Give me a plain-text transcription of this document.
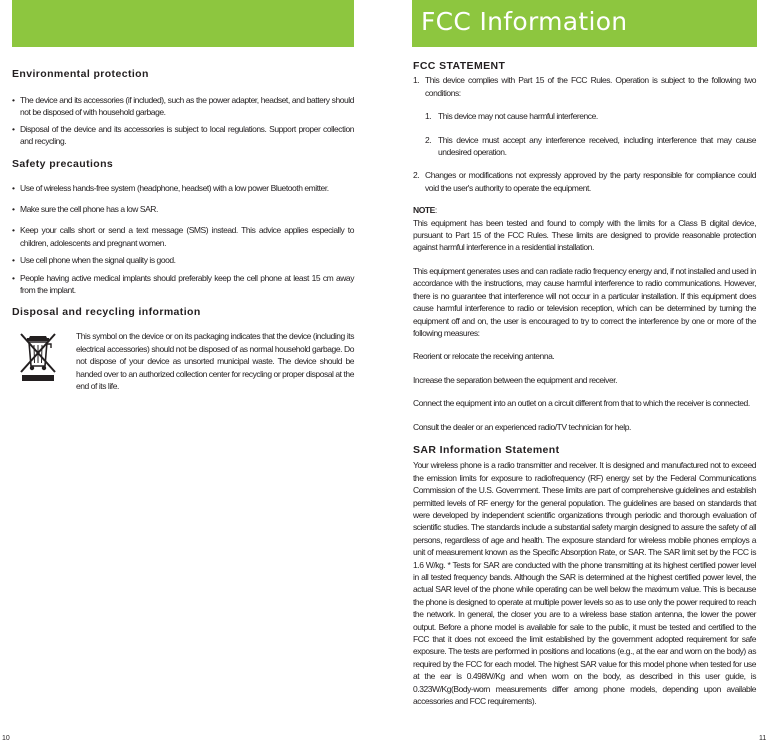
Environmental protection
• The device and its accessories (if included), such as the power adapter, headset, and battery should not be disposed of with household garbage.
• Disposal of the device and its accessories is subject to local regulations. Support proper collection and recycling.
Safety precautions
• Use of wireless hands-free system (headphone, headset) with a low power Bluetooth emitter.
• Make sure the cell phone has a low SAR.
• Keep your calls short or send a text message (SMS) instead. This advice applies especially to children, adolescents and pregnant women.
• Use cell phone when the signal quality is good.
• People having active medical implants should preferably keep the cell phone at least 15 cm away from the implant.
Disposal and recycling information
This symbol on the device or on its packaging indicates that the device (including its electrical accessories) should not be disposed of as normal household garbage. Do not dispose of your device as unsorted municipal waste. The device should be handed over to an authorized collection center for recycling or proper disposal at the end of its life.
10
FCC Information
FCC STATEMENT
1. This device complies with Part 15 of the FCC Rules. Operation is subject to the following two conditions:
1. This device may not cause harmful interference.
2. This device must accept any interference received, including interference that may cause undesired operation.
2. Changes or modifications not expressly approved by the party responsible for compliance could void the user's authority to operate the equipment.
NOTE:

This equipment has been tested and found to comply with the limits for a Class B digital device, pursuant to Part 15 of the FCC Rules. These limits are designed to provide reasonable protection against harmful interference in a residential installation.

This equipment generates uses and can radiate radio frequency energy and, if not installed and used in accordance with the instructions, may cause harmful interference to radio communications. However, there is no guarantee that interference will not occur in a particular installation. If this equipment does cause harmful interference to radio or television reception, which can be determined by turning the equipment off and on, the user is encouraged to try to correct the interference by one or more of the following measures:

Reorient or relocate the receiving antenna.

Increase the separation between the equipment and receiver.

Connect the equipment into an outlet on a circuit different from that to which the receiver is connected.

Consult the dealer or an experienced radio/TV technician for help.

SAR Information Statement

Your wireless phone is a radio transmitter and receiver. It is designed and manufactured not to exceed the emission limits for exposure to radiofrequency (RF) energy set by the Federal Communications Commission of the U.S. Government. These limits are part of comprehensive guidelines and establish permitted levels of RF energy for the general population. The guidelines are based on standards that were developed by independent scientific organizations through periodic and thorough evaluation of scientific studies. The standards include a substantial safety margin designed to assure the safety of all persons, regardless of age and health. The exposure standard for wireless mobile phones employs a unit of measurement known as the Specific Absorption Rate, or SAR. The SAR limit set by the FCC is 1.6 W/kg. * Tests for SAR are conducted with the phone transmitting at its highest certified power level in all tested frequency bands. Although the SAR is determined at the highest certified power level, the actual SAR level of the phone while operating can be well below the maximum value. This is because the phone is designed to operate at multiple power levels so as to use only the power required to reach the network. In general, the closer you are to a wireless base station antenna, the lower the power output. Before a phone model is available for sale to the public, it must be tested and certified to the FCC that it does not exceed the limit established by the government adopted requirement for safe exposure. The tests are performed in positions and locations (e.g., at the ear and worn on the body) as required by the FCC for each model. The highest SAR value for this model phone when tested for use at the ear is 0.498W/Kg and when worn on the body, as described in this user guide, is 0.323W/Kg(Body-worn measurements differ among phone models, depending upon available accessories and FCC requirements).

11
